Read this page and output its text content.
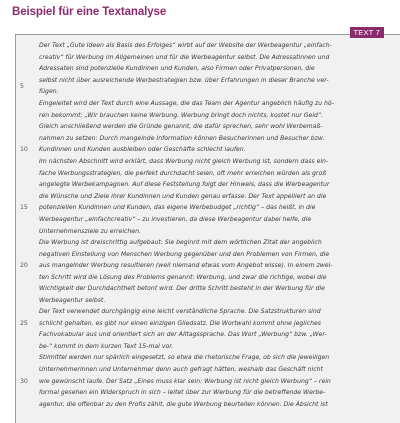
Beispiel für eine Textanalyse
TEXT 7
5
10
15
20
25
30
Der Text „Gute Ideen als Basis des Erfolges“ wirbt auf der Website der Werbeagentur „einfach-
creativ“ für Werbung im Allgemeinen und für die Werbeagentur selbst. Die Adressatinnen und
Adressaten sind potenzielle Kundinnen und Kunden, also Firmen oder Privatpersonen, die
selbst nicht über ausreichende Werbestrategien bzw. über Erfahrungen in dieser Branche ver-
fügen.
Eingeleitet wird der Text durch eine Aussage, die das Team der Agentur angeblich häufig zu hö-
ren bekommt: „Wir brauchen keine Werbung. Werbung bringt doch nichts, kostet nur Geld“.
Gleich anschließend werden die Gründe genannt, die dafür sprechen, sehr wohl Werbemaß-
nahmen zu setzen: Durch mangelnde Information können Besucherinnen und Besucher bzw.
Kundinnen und Kunden ausbleiben oder Geschäfte schlecht laufen.
Im nächsten Abschnitt wird erklärt, dass Werbung nicht gleich Werbung ist, sondern dass ein-
fache Werbungsstrategien, die perfekt durchdacht seien, oft mehr erreichen würden als groß
angelegte Werbekampagnen. Auf diese Feststellung folgt der Hinweis, dass die Werbeagentur
die Wünsche und Ziele ihrer Kundinnen und Kunden genau erfasse. Der Text appelliert an die
potenziellen Kundinnen und Kunden, das eigene Werbebudget „richtig“ – das heißt, in die
Werbeagentur „einfachcreativ“ – zu investieren, da diese Werbeagentur dabei helfe, die
Unternehmensziele zu erreichen.
Die Werbung ist dreischrittig aufgebaut: Sie beginnt mit dem wörtlichen Zitat der angeblich
negativen Einstellung von Menschen Werbung gegenüber und den Problemen von Firmen, die
aus mangelnder Werbung resultieren (weil niemand etwas vom Angebot wisse). In einem zwei-
ten Schritt wird die Lösung des Problems genannt: Werbung, und zwar die richtige, wobei die
Wichtigkeit der Durchdachtheit betont wird. Der dritte Schritt besteht in der Werbung für die
Werbeagentur selbst.
Der Text verwendet durchgängig eine leicht verständliche Sprache. Die Satzstrukturen sind
schlicht gehalten, es gibt nur einen einzigen Gliedsatz. Die Wortwahl kommt ohne jegliches
Fachvokabular aus und orientiert sich an der Alltagssprache. Das Wort „Werbung“ bzw. „Wer-
be-“ kommt in dem kurzen Text 15-mal vor.
Stilmittel werden nur spärlich eingesetzt, so etwa die rhetorische Frage, ob sich die jeweiligen
Unternehmerinnen und Unternehmer denn auch gefragt hätten, weshalb das Geschäft nicht
wie gewünscht laufe. Der Satz „Eines muss klar sein: Werbung ist nicht gleich Werbung“ – rein
formal gesehen ein Widerspruch in sich – leitet über zur Werbung für die betreffende Werbe-
agentur, die offenbar zu den Profis zählt, die gute Werbung beurteilen können. Die Absicht ist
